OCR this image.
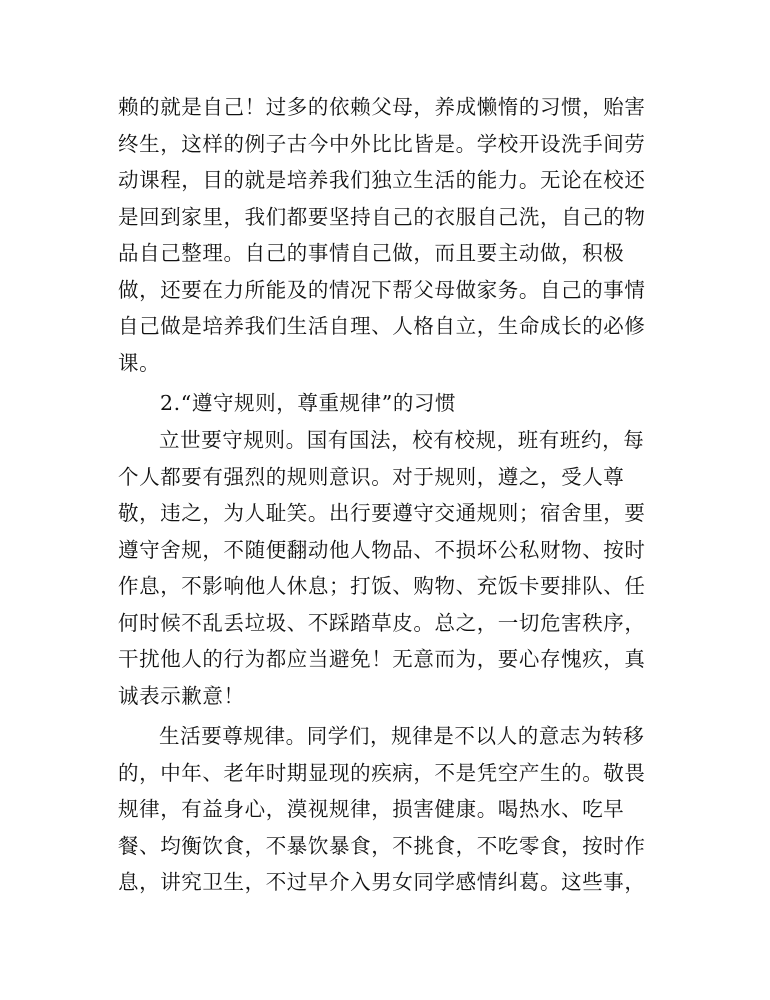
赖的就是自己！过多的依赖父母，养成懒惰的习惯，贻害
终生，这样的例子古今中外比比皆是。学校开设洗手间劳
动课程，目的就是培养我们独立生活的能力。无论在校还
是回到家里，我们都要坚持自己的衣服自己洗，自己的物
品自己整理。自己的事情自己做，而且要主动做，积极
做，还要在力所能及的情况下帮父母做家务。自己的事情
自己做是培养我们生活自理、人格自立，生命成长的必修
课。
2.“遵守规则，尊重规律”的习惯
立世要守规则。国有国法，校有校规，班有班约，每
个人都要有强烈的规则意识。对于规则，遵之，受人尊
敬，违之，为人耻笑。出行要遵守交通规则；宿舍里，要
遵守舍规，不随便翻动他人物品、不损坏公私财物、按时
作息，不影响他人休息；打饭、购物、充饭卡要排队、任
何时候不乱丢垃圾、不踩踏草皮。总之，一切危害秩序，
干扰他人的行为都应当避免！无意而为，要心存愧疚，真
诚表示歉意！
生活要尊规律。同学们，规律是不以人的意志为转移
的，中年、老年时期显现的疾病，不是凭空产生的。敬畏
规律，有益身心，漠视规律，损害健康。喝热水、吃早
餐、均衡饮食，不暴饮暴食，不挑食，不吃零食，按时作
息，讲究卫生，不过早介入男女同学感情纠葛。这些事，
